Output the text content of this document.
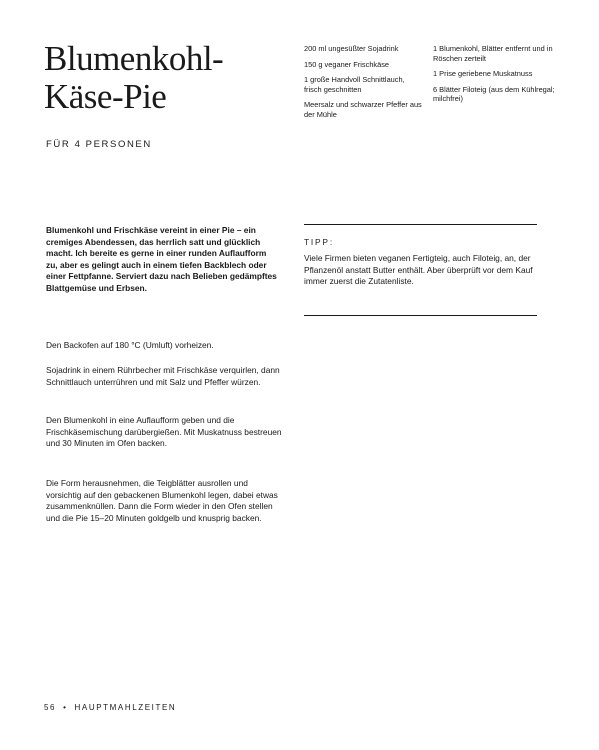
Blumenkohl-
Käse-Pie
FÜR 4 PERSONEN
200 ml ungesüßter Sojadrink
150 g veganer Frischkäse
1 große Handvoll Schnittlauch, frisch geschnitten
Meersalz und schwarzer Pfeffer aus der Mühle
1 Blumenkohl, Blätter entfernt und in Röschen zerteilt
1 Prise geriebene Muskatnuss
6 Blätter Filoteig (aus dem Kühlregal; milchfrei)

Blumenkohl und Frischkäse vereint in einer Pie – ein cremiges Abendessen, das herrlich satt und glücklich macht. Ich bereite es gerne in einer runden Auflaufform zu, aber es gelingt auch in einem tiefen Backblech oder einer Fettpfanne. Serviert dazu nach Belieben gedämpftes Blattgemüse und Erbsen.

Den Backofen auf 180 °C (Umluft) vorheizen.

Sojadrink in einem Rührbecher mit Frischkäse verquirlen, dann Schnittlauch unterrühren und mit Salz und Pfeffer würzen.

Den Blumenkohl in eine Auflaufform geben und die Frischkäsemischung darübergießen. Mit Muskatnuss bestreuen und 30 Minuten im Ofen backen.

Die Form herausnehmen, die Teigblätter ausrollen und vorsichtig auf den gebackenen Blumenkohl legen, dabei etwas zusammenknüllen. Dann die Form wieder in den Ofen stellen und die Pie 15–20 Minuten goldgelb und knusprig backen.

TIPP:
Viele Firmen bieten veganen Fertigteig, auch Filoteig, an, der Pflanzenöl anstatt Butter enthält. Aber überprüft vor dem Kauf immer zuerst die Zutatenliste.
56 • HAUPTMAHLZEITEN
